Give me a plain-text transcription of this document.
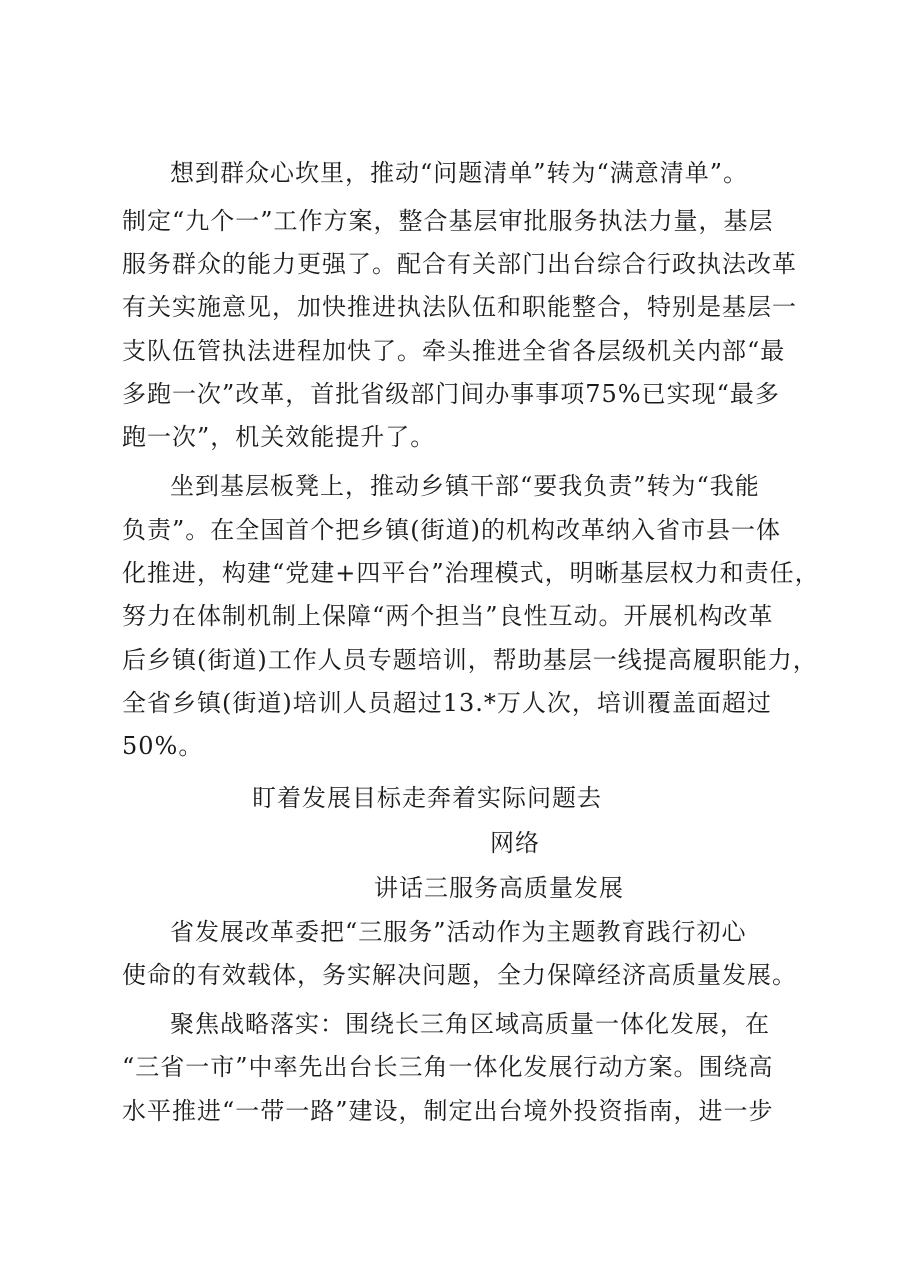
想到群众心坎里，推动“问题清单”转为“满意清单”。
制定“九个一”工作方案，整合基层审批服务执法力量，基层
服务群众的能力更强了。配合有关部门出台综合行政执法改革
有关实施意见，加快推进执法队伍和职能整合，特别是基层一
支队伍管执法进程加快了。牵头推进全省各层级机关内部“最
多跑一次”改革，首批省级部门间办事事项75%已实现“最多
跑一次”，机关效能提升了。
坐到基层板凳上，推动乡镇干部“要我负责”转为“我能
负责”。在全国首个把乡镇(街道)的机构改革纳入省市县一体
化推进，构建“党建+四平台”治理模式，明晰基层权力和责任，
努力在体制机制上保障“两个担当”良性互动。开展机构改革
后乡镇(街道)工作人员专题培训，帮助基层一线提高履职能力，
全省乡镇(街道)培训人员超过13.*万人次，培训覆盖面超过
50%。
盯着发展目标走奔着实际问题去
网络
讲话三服务高质量发展
省发展改革委把“三服务”活动作为主题教育践行初心
使命的有效载体，务实解决问题，全力保障经济高质量发展。
聚焦战略落实：围绕长三角区域高质量一体化发展，在
“三省一市”中率先出台长三角一体化发展行动方案。围绕高
水平推进“一带一路”建设，制定出台境外投资指南，进一步
